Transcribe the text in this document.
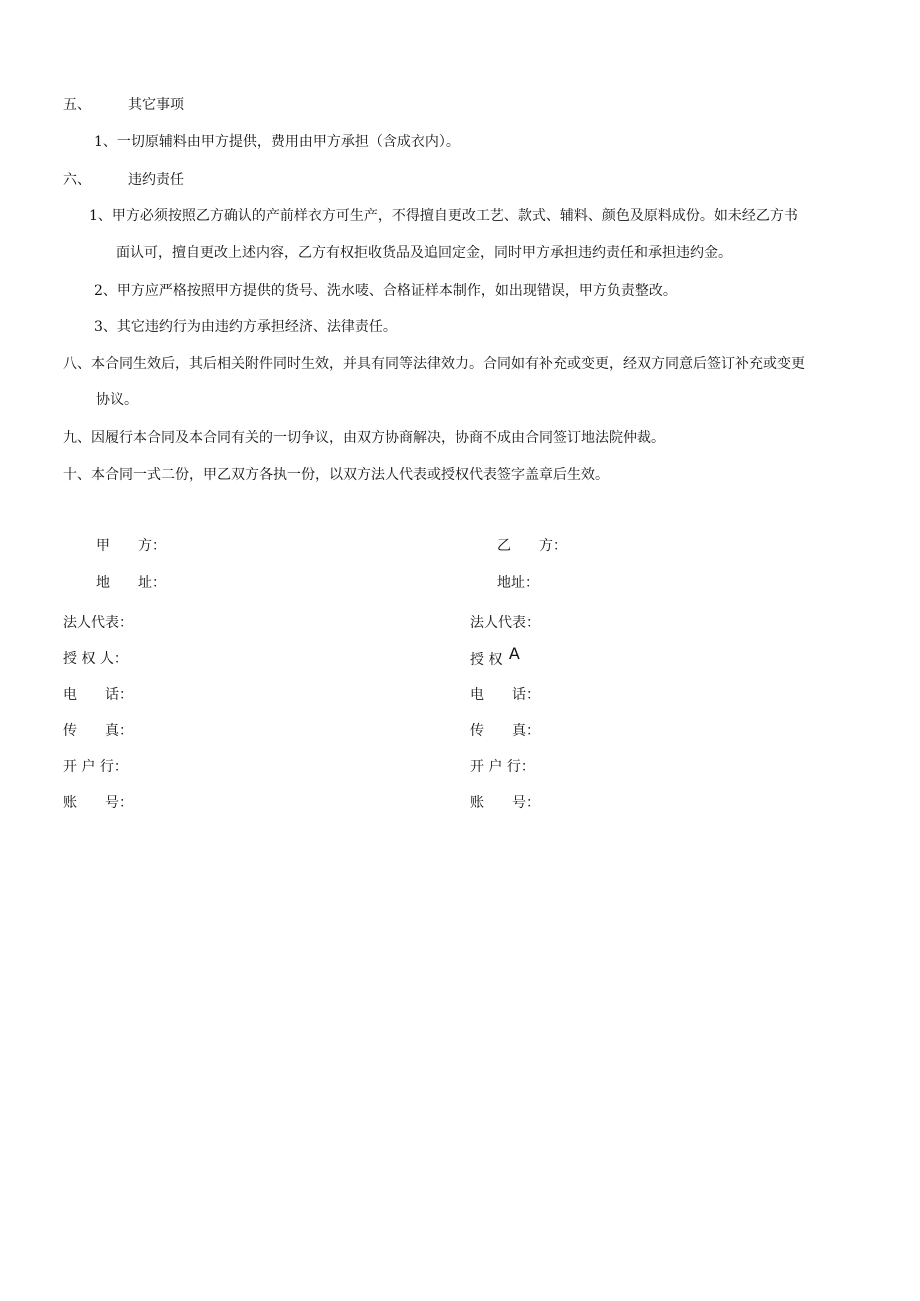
五、	其它事项
1、一切原辅料由甲方提供，费用由甲方承担（含成衣内）。
六、	违约责任
1、甲方必须按照乙方确认的产前样衣方可生产，不得擅自更改工艺、款式、辅料、颜色及原料成份。如未经乙方书
面认可，擅自更改上述内容，乙方有权拒收货品及追回定金，同时甲方承担违约责任和承担违约金。
2、甲方应严格按照甲方提供的货号、洗水唛、合格证样本制作，如出现错误，甲方负责整改。
3、其它违约行为由违约方承担经济、法律责任。
八、本合同生效后，其后相关附件同时生效，并具有同等法律效力。合同如有补充或变更，经双方同意后签订补充或变更
协议。
九、因履行本合同及本合同有关的一切争议，由双方协商解决，协商不成由合同签订地法院仲裁。
十、本合同一式二份，甲乙双方各执一份，以双方法人代表或授权代表签字盖章后生效。
甲　　方：
地　　址：
法人代表：
授 权 人：
电　　话：
传　　真：
开 户 行：
账　　号：
乙　　方：
地址：
法人代表：
授 权 A
电　　话：
传　　真：
开 户 行：
账　　号：
